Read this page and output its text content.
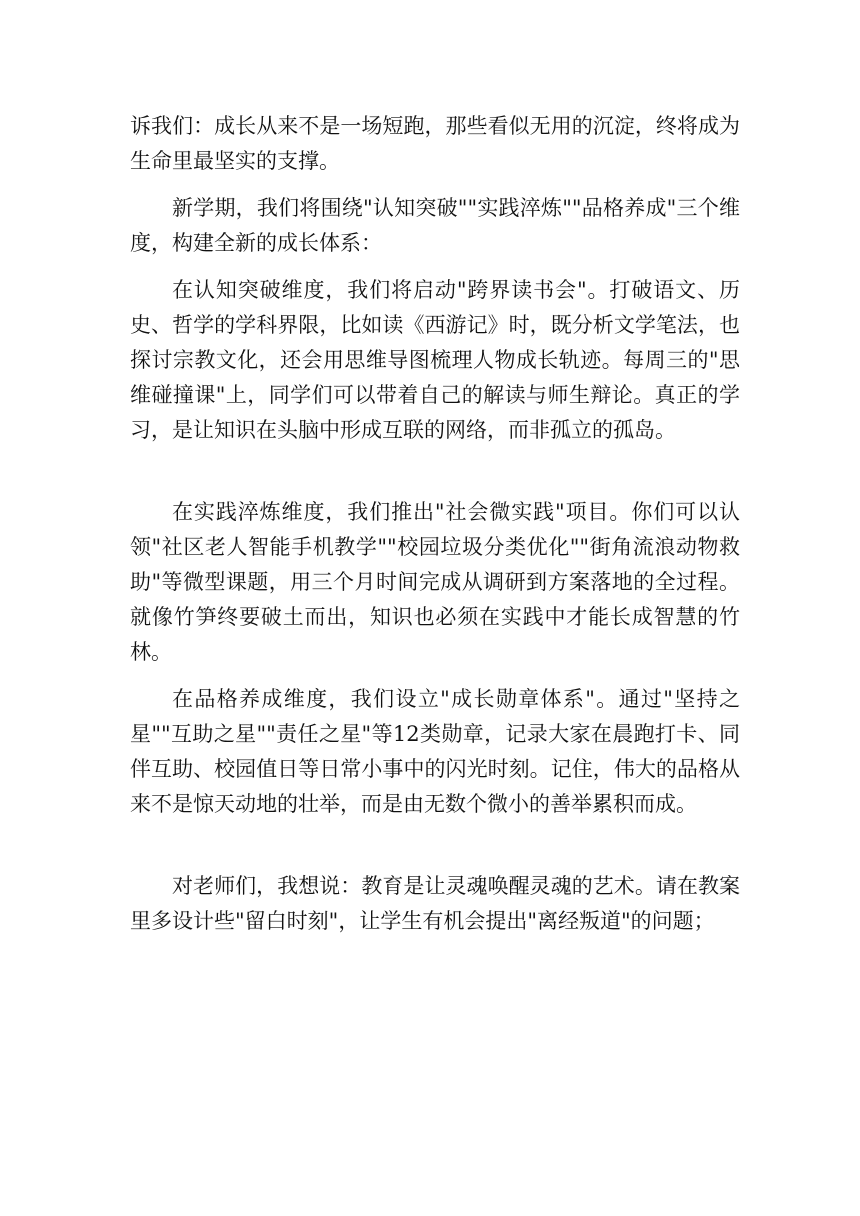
诉我们：成长从来不是一场短跑，那些看似无用的沉淀，终将成为生命里最坚实的支撑。

新学期，我们将围绕"认知突破""实践淬炼""品格养成"三个维度，构建全新的成长体系：

在认知突破维度，我们将启动"跨界读书会"。打破语文、历史、哲学的学科界限，比如读《西游记》时，既分析文学笔法，也探讨宗教文化，还会用思维导图梳理人物成长轨迹。每周三的"思维碰撞课"上，同学们可以带着自己的解读与师生辩论。真正的学习，是让知识在头脑中形成互联的网络，而非孤立的孤岛。

在实践淬炼维度，我们推出"社会微实践"项目。你们可以认领"社区老人智能手机教学""校园垃圾分类优化""街角流浪动物救助"等微型课题，用三个月时间完成从调研到方案落地的全过程。就像竹笋终要破土而出，知识也必须在实践中才能长成智慧的竹林。

在品格养成维度，我们设立"成长勋章体系"。通过"坚持之星""互助之星""责任之星"等12类勋章，记录大家在晨跑打卡、同伴互助、校园值日等日常小事中的闪光时刻。记住，伟大的品格从来不是惊天动地的壮举，而是由无数个微小的善举累积而成。

对老师们，我想说：教育是让灵魂唤醒灵魂的艺术。请在教案里多设计些"留白时刻"，让学生有机会提出"离经叛道"的问题；
